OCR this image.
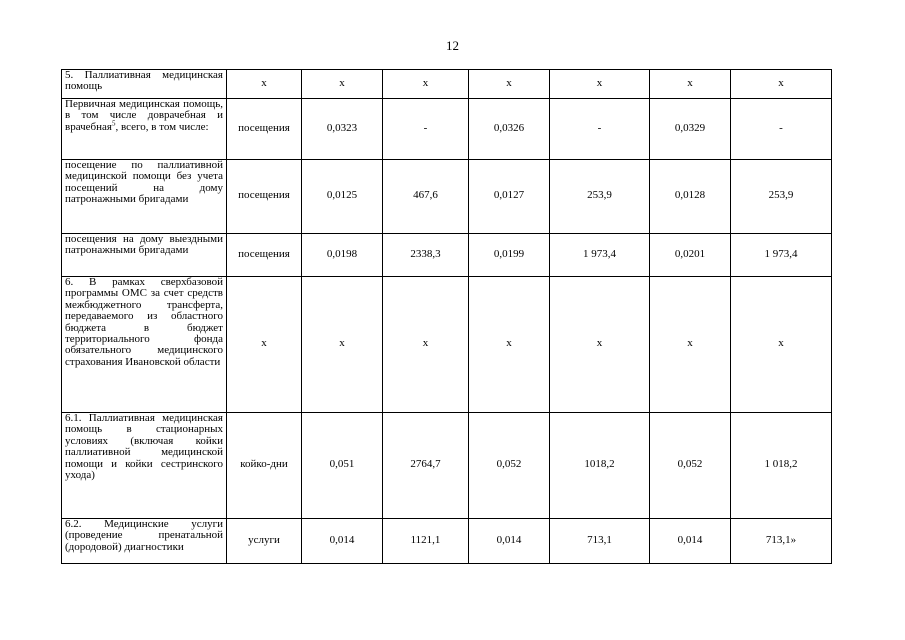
12
5. Паллиативная медицинская помощь	х	х	х	х	х	х	х
Первичная медицинская помощь, в том числе доврачебная и врачебная$^5$, всего, в том числе:	посещения	0,0323	-	0,0326	-	0,0329	-
посещение по паллиативной медицинской помощи без учета посещений на дому патронажными бригадами	посещения	0,0125	467,6	0,0127	253,9	0,0128	253,9
посещения на дому выездными патронажными бригадами	посещения	0,0198	2338,3	0,0199	1 973,4	0,0201	1 973,4
6. В рамках сверхбазовой программы ОМС за счет средств межбюджетного трансферта, передаваемого из областного бюджета в бюджет территориального фонда обязательного медицинского страхования Ивановской области	х	х	х	х	х	х	х
6.1. Паллиативная медицинская помощь в стационарных условиях (включая койки паллиативной медицинской помощи и койки сестринского ухода)	койко-дни	0,051	2764,7	0,052	1018,2	0,052	1 018,2

6.2. Медицинские услуги (проведение пренатальной (дородовой) диагностики	услуги	0,014	1121,1	0,014	713,1	0,014	713,1»
